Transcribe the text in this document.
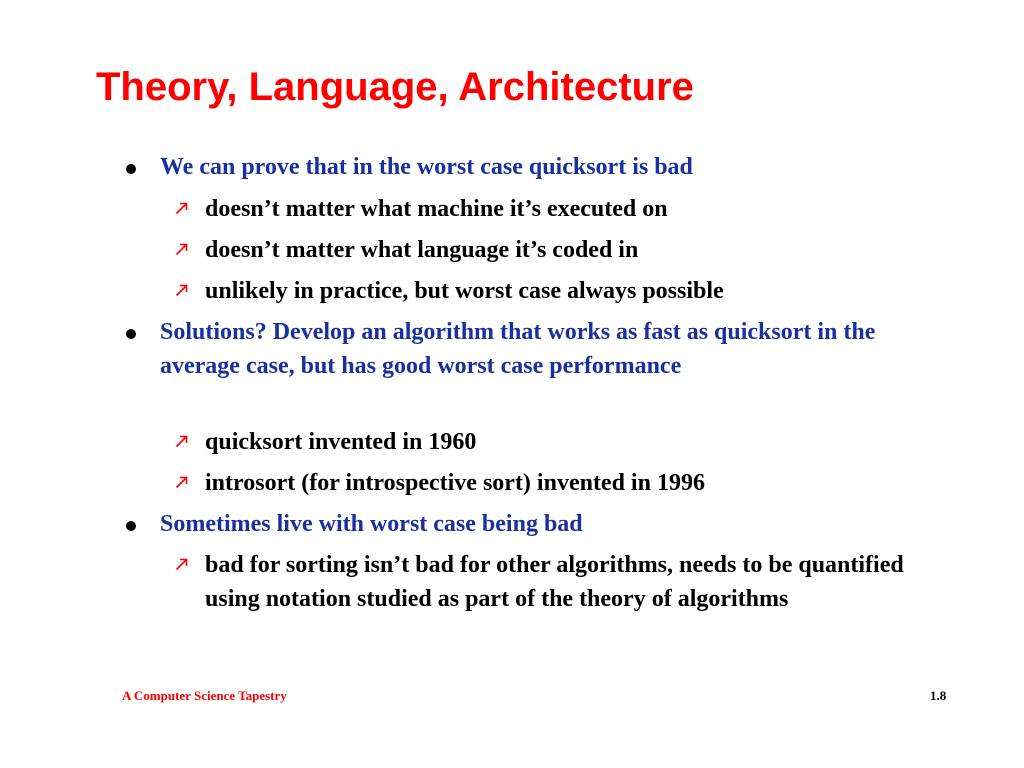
Theory, Language, Architecture
We can prove that in the worst case quicksort is bad
doesn’t matter what machine it’s executed on
doesn’t matter what language it’s coded in
unlikely in practice, but worst case always possible
Solutions? Develop an algorithm that works as fast as quicksort in the average case, but has good worst case performance
quicksort invented in 1960
introsort (for introspective sort) invented in 1996
Sometimes live with worst case being bad
bad for sorting isn’t bad for other algorithms, needs to be quantified using notation studied as part of the theory of algorithms

A Computer Science Tapestry	1.8
